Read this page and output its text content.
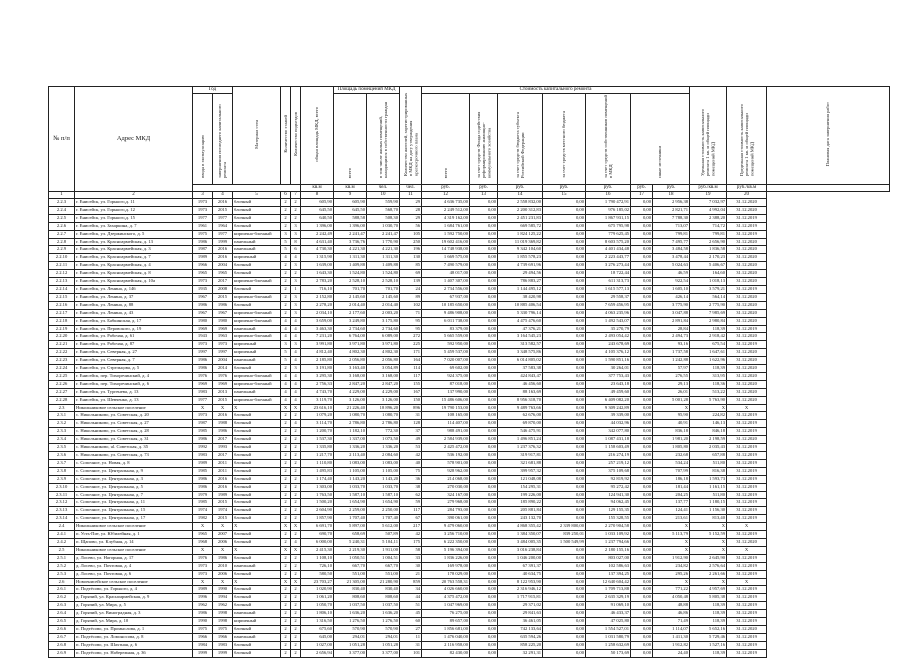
№ п/п	Адрес МКД	Год		Материал стен	Количество этажей	Количество подъездов	общая площадь МКД, всего	Площадь помещений МКД		Количество жителей, зарегистрированных в МКД на дату утверждения краткосрочного плана	Стоимость капитального ремонта							Удельная стоимость капитального ремонта 1 кв. м общей площади помещений МКД	Предельная стоимость капитального ремонта 1 кв. м общей площади помещений МКД	Плановая дата завершения работ
		ввода в эксплуатацию	завершения последнего капитального ремонта					всего	в том числе жилых помещений, находящихся в собственности граждан		всего	за счет средств Фонда содействия реформированию жилищно-коммунального хозяйства	за счет средств бюджета субъекта Российской Федерации	за счет средств местного бюджета	за счет средств собственников помещений в МКД	иные источники				
							кв.м	кв.м	чел.	чел.	руб.	руб.	руб.	руб.	руб.	руб.	руб.	руб./кв.м	руб./кв.м	
1	2	3	4	5	6	7	8	9	10	11	12	13	14	15	16	17	18	19	20	
2.2.3	г. Енисейск, ул. Горького,д. 11	1973	2016	блочный	2	2	605,90	605,90	559,90	29	4 636 735,00	0,00	2 558 832,00	0,00	1 790 472,91	0,00	2 956,38	7 032,97	31.12.2020	
2.2.4	г. Енисейск, ул. Горького,д. 12	1973	2015	блочный	2	2	645,50	645,50	568,70	28	2 249 512,00	0,00	2 200 312,83	0,00	976 185,02	0,00	2 821,71	4 992,04	31.12.2020	
2.2.5	г. Енисейск, ул. Горького,д. 15	1977	1977	блочный	2	2	640,50	588,58	508,30	29	4 319 162,00	0,00	2 451 231,83	0,00	1 867 931,15	0,00	7 788,30	2 388,20	31.12.2019	
2.2.6	г. Енисейск, ул. Захаркина, д. 7	1961	1964	блочный	2	3	1 396,00	1 396,00	1 030,70	56	1 684 761,00	0,00	669 585,72	0,00	675 795,98	0,00	713,07	714,72	31.12.2019	
2.2.7	г. Енисейск, ул. Дзержинского, д. 5	1975	1977	кирпично-блочный	3	3	2 242,49	2 241,47	2 241,47	105	1 592 750,00	0,00	1 824 125,22	0,00	779 625,45	0,00	799,81	799,81	31.12.2019	
2.2.8	г. Енисейск, ул. Красноармейская, д. 13	1986	1999	панельный	5	8	4 631,40	3 736,76	1 770,90	250	19 602 416,00	0,00	11 019 369,82	0,00	8 603 575,20	0,00	7 495,77	2 656,90	31.12.2020	
2.2.9	г. Енисейск, ул. Красноармейская, д. 3	1987	2016	панельный	5	6	4 730,30	4 221,30	4 221,30	196	14 748 938,00	0,00	9 342 104,60	0,00	4 401 434,48	0,00	3 484,58	1 836,58	31.12.2020	
2.2.10	г. Енисейск, ул. Красноармейская, д. 7	1989	2016	кирпичный	4	4	1 315,90	1 311,30	1 311,30	130	1 669 575,00	0,00	1 855 578,23	0,00	2 223 443,77	0,00	3 478,44	2 170,23	31.12.2020	
2.2.11	г. Енисейск, ул. Красноармейская, д. 4	1966	2004	блочный	2	3	1 639,00	1 409,88	1 409,88	85	7 490 579,00	0,00	4 739 691,96	0,00	3 276 273,44	0,00	5 024,63	5 406,67	31.12.2020	
2.2.12	г. Енисейск, ул. Красноармейская, д. 8	1965	1965	блочный	2	2	1 643,30	1 524,80	1 524,80	69	48 017,00	0,00	29 494,56	0,00	18 722,44	0,00	46,59	164,60	31.12.2020	
2.2.13	г. Енисейск, ул. Красноармейская, д. 10а	1973	2017	кирпично-блочный	2	3	2 783,20	2 528,10	2 528,10	139	1 407 307,00	0,00	786 883,27	0,00	611 313,73	0,00	922,54	1 018,13	31.12.2020	
2.2.14	г. Енисейск, ул. Ленина, д. 146	1935	2008	блочный	2	1	716,10	701,70	701,70	24	2 734 556,00	0,00	1 144 495,12	0,00	1 615 577,13	0,00	1 605,10	3 579,21	31.12.2019	
2.2.15	г. Енисейск, ул. Ленина, д. 37	1967	2015	кирпично-блочный	2	3	2 152,80	2 145,60	2 145,60	89	67 937,00	0,00	38 420,98	0,00	29 558,37	0,00	426,14	564,14	31.12.2020	
2.2.16	г. Енисейск, ул. Ленина, д. 88	1986	1986	блочный	2	3	2 278,20	2 014,40	2 014,40	102	10 185 650,00	0,00	10 885 406,54	0,00	7 659 456,95	0,00	3 775,90	2 775,90	31.12.2020	
2.2.17	г. Енисейск, ул. Ленина, д. 43	1967	1967	кирпично-блочный	2	3	2 034,10	2 177,60	2 003,20	71	9 486 908,00	0,00	5 330 796,14	0,00	4 063 235,96	0,00	3 047,88	7 985,69	31.12.2020	
2.2.18	г. Енисейск, ул. Бабкинская, д. 17	1980	1980	кирпично-блочный	4	4	3 659,00	3 249,80	3 175,80	95	6 011 738,00	0,00	4 475 476,60	0,00	1 492 543,07	0,00	2 891,84	2 980,84	31.12.2020	
2.2.19	г. Енисейск, ул. Перовского, д. 19	1969	1969	панельный	4	4	3 463,30	2 734,60	2 734,60	95	83 379,00	0,00	47 376,21	0,00	35 270,79	0,00	28,84	118,39	31.12.2019	
2.2.20	г. Енисейск, ул. Рабочая, д. 61	1943	1963	кирпично-блочный	4	4	7 231,20	6 764,00	6 089,00	272	5 665 559,00	0,00	3 164 545,23	0,00	2 493 054,42	0,00	2 494,73	2 918,42	31.12.2020	
2.2.21	г. Енисейск, ул. Рабочая, д. 87	1973	1973	кирпичный	3	3	3 991,80	3 971,80	3 971,80	225	592 950,00	0,00	313 582,57	0,00	243 678,69	0,00	93,16	675,54	31.12.2019	
2.2.22	г. Енисейск, ул. Северная, д. 27	1997	1997	кирпичный	5	4	4 812,40	4 802,30	4 802,30	171	5 459 537,00	0,00	3 348 575,86	0,00	4 105 376,12	0,00	1 737,58	1 647,61	31.12.2020	
2.2.23	г. Енисейск, ул. Северная, д. 7	1986	2004	панельный	5	4	2 185,80	2 056,80	2 056,80	164	7 020 007,00	0,00	6 014 805,02	0,00	1 590 851,16	0,00	1 242,88	1 622,96	31.12.2020	
2.2.24	г. Енисейск, ул. Стрельцова, д. 5	1986	2014	блочный	2	3	3 191,80	3 163,40	3 054,89	114	69 602,00	0,00	37 583,38	0,00	30 264,01	0,00	57,97	118,39	31.12.2020	
2.2.25	г. Енисейск, пер. Тихоречинский, д. 4	1976	1976	кирпично-блочный	4	4	3 295,30	3 168,00	3 168,00	117	924 375,00	0,00	424 843,47	0,00	377 753,43	0,00	276,55	313,95	31.12.2020	
2.2.26	г. Енисейск, пер. Тихоречинский, д. 6	1969	1969	кирпично-блочный	4	4	2 756,33	2 847,20	2 847,20	155	87 018,00	0,00	46 456,60	0,00	23 643,18	0,00	29,13	118,36	31.12.2020	
2.2.27	г. Енисейск, ул. Тургенева, д. 13	1983	2013	панельный	4	4	4 743,70	4 229,00	4 229,00	167	137 990,00	0,00	88 163,69	0,00	49 459,60	0,00	26,01	513,22	31.12.2020	
2.2.28	г. Енисейск, ул. Шевченко, д. 13	1977	2015	кирпично-блочный	4	4	3 119,70	3 126,00	3 126,00	150	15 486 606,00	0,00	8 956 318,70	0,00	6 409 082,20	0,00	5 001,28	5 763,90	31.12.2020	
2.3	Никольниковое сельское поселение	X	X	X	X	X	23 616,10	21 226,40	18 896,20	896	19 790 153,00	0,00	9 489 763,66	0,00	9 309 242,89	0,00	X	X	X	
2.3.1	с. Никольниково, ул. Советская, д. 20	1973	2016	блочный	2	2	1 079,20	1 080,70	1 080,70	31	108 165,00	0,00	62 676,00	0,00	39 339,00	0,00	95,90	224,82	31.12.2019	
2.3.2	с. Никольниково, ул. Советская, д. 27	1987	1988	блочный	2	4	3 114,70	2 786,80	2 786,80	128	114 407,00	0,00	69 870,00	0,00	44 032,96	0,00	40,91	146,13	31.12.2019	
2.3.3	с. Никольниково, ул. Советская, д. 28	1985	1986	блочный	2	2	1 200,70	1 182,10	772,30	37	988 491,00	0,00	546 475,91	0,00	342 077,80	0,00	836,18	846,18	31.12.2019	
2.3.4	с. Никольниково, ул. Советская, д. 31	1986	2017	блочный	2	2	1 537,30	1 337,00	1 073,50	49	2 584 939,00	0,00	1 496 851,24	0,00	1 087 431,18	0,00	1 981,20	2 198,59	31.12.2020	
2.3.5	с. Никольниково, ul. Советская, д. 35	1992	1993	блочный	2	2	1 335,80	1 336,20	1 336,20	53	2 425 472,00	0,00	1 237 376,32	0,00	1 158 603,49	0,00	1 805,80	2 035,43	31.12.2019	
2.3.6	с. Никольниково, ул. Советская, д. 73	1983	2017	блочный	2	2	1 217,70	2 113,40	2 084,60	42	536 192,00	0,00	319 917,81	0,00	216 274,19	0,00	232,68	657,88	31.12.2019	
2.3.7	с. Сопочное, ул. Новая, д. 8	1989	2011	блочный	2	2	1 110,80	1 083,00	1 083,00	40	578 901,00	0,00	321 681,88	0,00	257 219,12	0,00	534,24	511,80	31.12.2019	
2.3.8	с. Сопочное, ул. Центральная, д. 9	1985	2011	блочный	2	2	1 495,83	1 105,00	1 105,00	75	928 962,00	0,00	399 957,32	0,00	375 109,68	0,00	707,99	816,38	31.12.2019	
2.3.9	с. Сопочное, ул. Центральная, д. 3	1986	2016	блочный	2	2	1 174,40	1 143,20	1 143,20	36	214 068,00	0,00	121 048,08	0,00	92 819,92	0,00	186,18	1 593,73	31.12.2019	
2.3.10	с. Сопочное, ул. Центральная, д. 5	1986	2016	блочный	2	2	1 303,00	1 033,70	1 033,70	38	270 030,00	0,00	154 295,31	0,00	95 272,42	0,00	181,44	1 161,15	31.12.2019	
2.3.11	с. Сопочное, ул. Центральная, д. 7	1979	1989	блочный	2	2	1 763,50	1 587,10	1 587,10	62	324 167,00	0,00	199 226,00	0,00	124 941,30	0,00	204,25	511,80	31.12.2019	
2.3.12	с. Сопочное, ул. Центральная, д. 11	1985	2015	блочный	2	2	1 500,20	1 654,90	1 654,90	59	279 968,00	0,00	185 890,22	0,00	94 062,45	0,00	137,77	1 180,15	31.12.2019	
2.3.13	с. Сопочное, ул. Центральная, д. 15	1974	1974	блочный	2	2	2 604,90	2 259,00	2 250,00	117	284 793,00	0,00	205 881,84	0,00	129 155,35	0,00	124,41	1 156,30	31.12.2019	
2.3.14	с. Сопочное, ул. Центральная, д. 17	1982	2015	блочный	2	2	1 857,90	1 707,40	1 707,40	67	390 061,00	0,00	243 132,70	0,00	155 328,55	0,00	213,61	813,40	31.12.2019	
2.4	Никольниковое сельское поселение	X	X	X	X	X	6 691,70	5 897,00	5 612,00	217	9 479 060,00	0,00	4 868 355,42	2 339 800,00	2 270 904,58	0,00	X	X	X	
2.4.1	п. Усть-Пит, ул. Юбилейная, д. 1	1965	2007	блочный	2	2	690,70	658,69	507,89	42	3 256 710,00	0,00	1 384 350,07	839 250,01	1 033 109,92	0,00	5 113,79	5 152,59	31.12.2019	
2.4.2	п. Щапово, ул. Клубная, д. 14	1968	2006	блочный	2	4	6 000,00	5 240,31	5 104,11	175	6 222 350,00	0,00	3 484 005,35	1 500 549,99	1 237 794,66	0,00	X	X	31.12.2020	
2.5	Никольниковое сельское поселение	X	X	X	X	X	2 415,30	2 219,30	1 911,00	58	5 196 394,00	0,00	3 016 238,84	0,00	2 180 155,16	0,00	X	X	X	
2.5.1	д. Лосево, ул. Нагорная, д. 17	1976	1986	блочный	2	2	1 108,10	1 050,51	1 004,51	33	1 836 226,00	0,00	1 046 200,00	0,00	803 027,00	0,00	1 912,90	2 645,90	31.12.2019	
2.5.2	д. Лосево, ул. Почтовая, д. 4	1973	2010	панельный	2	2	726,10	667,70	667,70	30	169 978,00	0,00	67 391,37	0,00	102 586,63	0,00	234,82	2 576,64	31.12.2019	
2.5.3	д. Лосево, ул. Почтовая, д. 6	1973	2006	блочный	2	2	580,50	551,00	551,00	21	178 029,00	0,00	40 634,75	0,00	137 394,25	0,00	295,26	2 261,66	31.12.2019	
2.6	Новоенисейское сельское поселение	X	X	X	X	X	23 703,27	21 305,00	21 280,90	859	20 763 558,31	0,00	8 122 953,90	0,00	12 640 604,42	0,00	X	X	X	
2.6.1	п. Подтёсово, ул. Горького, д. 4	1989	1990	блочный	2	2	1 020,90	830,40	830,40	34	4 026 660,00	0,00	2 316 946,12	0,00	1 709 713,88	0,00	771,22	4 957,69	31.12.2019	
2.6.2	д. Горячий, ул. Красноармейская, д. 9	1996	1994	блочный	2	2	1 061,20	808,60	808,60	44	4 375 472,00	0,00	1 717 915,81	0,00	2 635 329,19	0,00	4 050,48	5 805,38	31.12.2019	
2.6.3	д. Горячий, ул. Мира, д. 5	1962	1962	блочный	2	2	1 050,70	1 037,50	1 037,50	51	1 047 969,00	0,00	29 371,02	0,00	91 069,10	0,00	48,88	118,39	31.12.2019	
2.6.4	д. Горячий, ул. Виноградная, д. 3	1986	1998	панельный	2	2	1 806,10	1 636,20	1 636,20	45	76 275,00	0,00	29 841,63	0,00	46 433,37	0,00	46,86	118,39	31.12.2019	
2.6.5	д. Горячий, ул. Мира, д. 10	1990	1998	кирпичный	2	2	1 316,50	1 276,50	1 276,50	60	89 657,00	0,00	36 461,05	0,00	47 025,80	0,00	71,49	118,39	31.12.2019	
2.6.6	п. Подтёсово, ул. Промыслова, д. 1	1975	1975	блочный	2	2	675,60	570,90	570,90	27	1 856 681,00	0,00	742 133,64	0,00	1 554 527,01	0,00	1 114,07	5 652,16	31.12.2020	
2.6.7	п. Подтёсово, ул. Ломоносова, д. 8	1966	1966	панельный	2	2	645,00	294,01	294,01	11	1 476 040,00	0,00	635 594,26	0,00	1 031 580,79	0,00	1 411,30	5 729,46	31.12.2019	
2.6.8	п. Подтёсово, ул. Шахтная, д. 6	1984	1983	блочный	2	2	1 027,00	1 051,28	1 051,28	31	2 116 958,00	0,00	858 225,20	0,00	1 258 632,69	0,00	1 912,82	1 527,16	31.12.2019	
2.6.9	п. Подтёсово, ул. Набережная, д. 36	1999	1999	блочный	2	2	2 656,94	3 377,00	3 377,00	101	82 430,00	0,00	32 291,31	0,00	50 173,69	0,00	24,40	118,39	31.12.2019	
